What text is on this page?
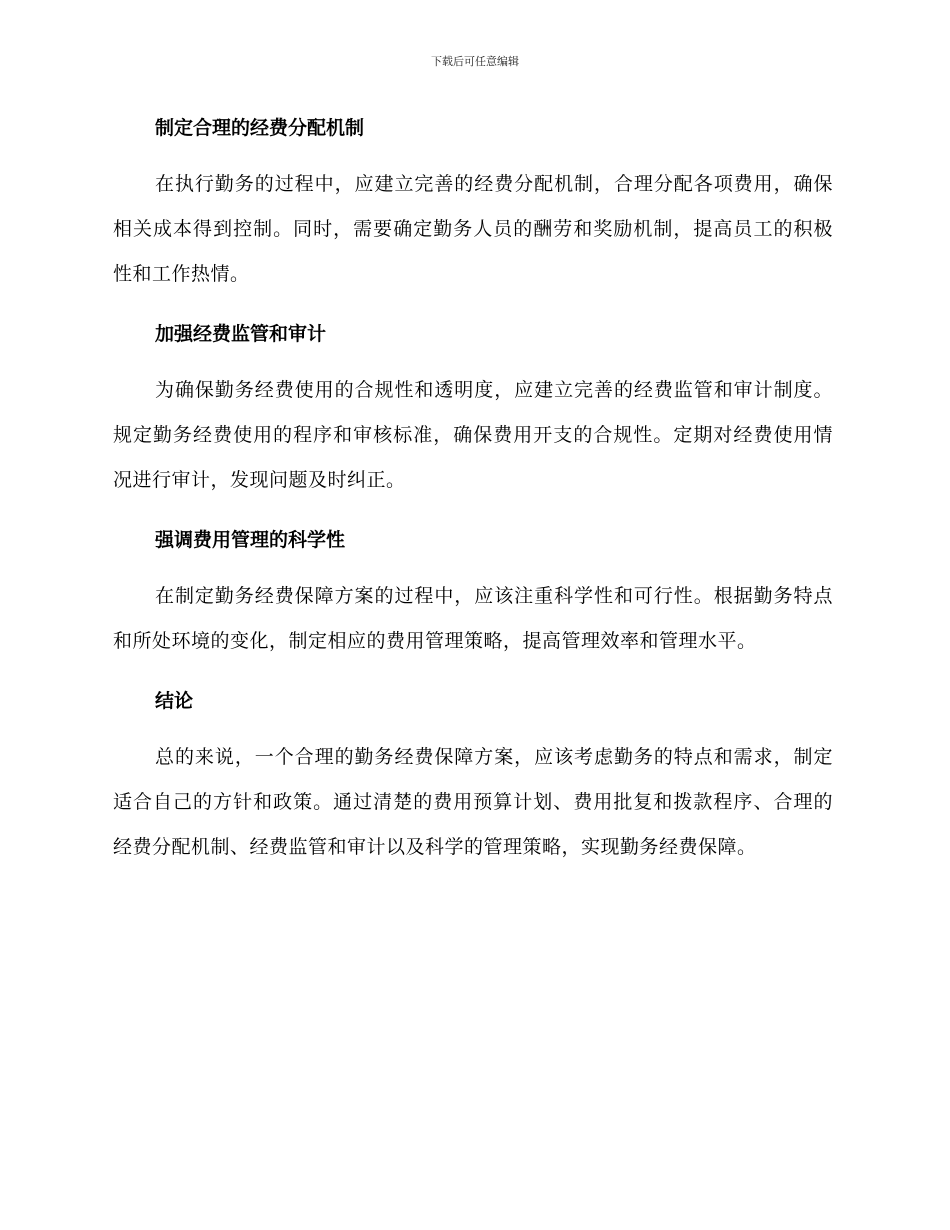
下载后可任意编辑
制定合理的经费分配机制

在执行勤务的过程中，应建立完善的经费分配机制，合理分配各项费用，确保相关成本得到控制。同时，需要确定勤务人员的酬劳和奖励机制，提高员工的积极性和工作热情。

加强经费监管和审计

为确保勤务经费使用的合规性和透明度，应建立完善的经费监管和审计制度。规定勤务经费使用的程序和审核标准，确保费用开支的合规性。定期对经费使用情况进行审计，发现问题及时纠正。

强调费用管理的科学性

在制定勤务经费保障方案的过程中，应该注重科学性和可行性。根据勤务特点和所处环境的变化，制定相应的费用管理策略，提高管理效率和管理水平。

结论

总的来说，一个合理的勤务经费保障方案，应该考虑勤务的特点和需求，制定适合自己的方针和政策。通过清楚的费用预算计划、费用批复和拨款程序、合理的经费分配机制、经费监管和审计以及科学的管理策略，实现勤务经费保障。
